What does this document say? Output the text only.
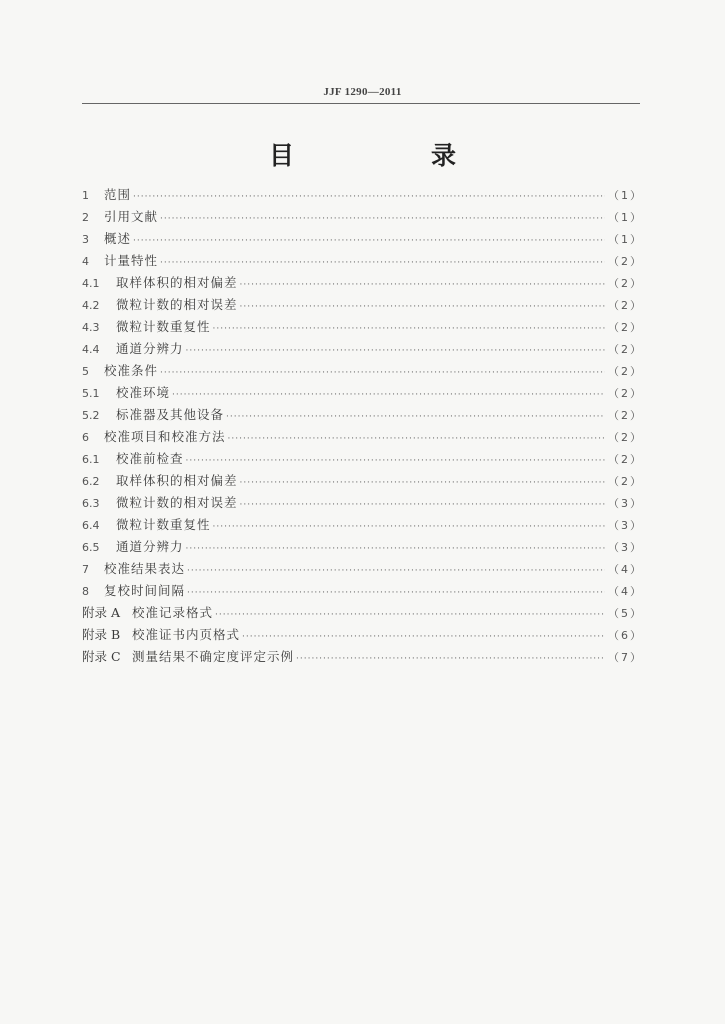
JJF 1290—2011
目　录
1	范围 ·····	（1）
2	引用文献 ·····	（1）
3	概述 ·····	（1）
4	计量特性 ·····	（2）
4.1	取样体积的相对偏差 ·····	（2）
4.2	微粒计数的相对误差 ·····	（2）
4.3	微粒计数重复性 ·····	（2）
4.4	通道分辨力 ·····	（2）
5	校准条件 ·····	（2）
5.1	校准环境 ·····	（2）
5.2	标准器及其他设备 ·····	（2）
6	校准项目和校准方法 ·····	（2）
6.1	校准前检查 ·····	（2）
6.2	取样体积的相对偏差 ·····	（2）
6.3	微粒计数的相对误差 ·····	（3）
6.4	微粒计数重复性 ·····	（3）
6.5	通道分辨力 ·····	（3）
7	校准结果表达 ·····	（4）
8	复校时间间隔 ·····	（4）
附录 A 校准记录格式 ·····	（5）
附录 B 校准证书内页格式 ·····	（6）
附录 C 测量结果不确定度评定示例 ·····	（7）
